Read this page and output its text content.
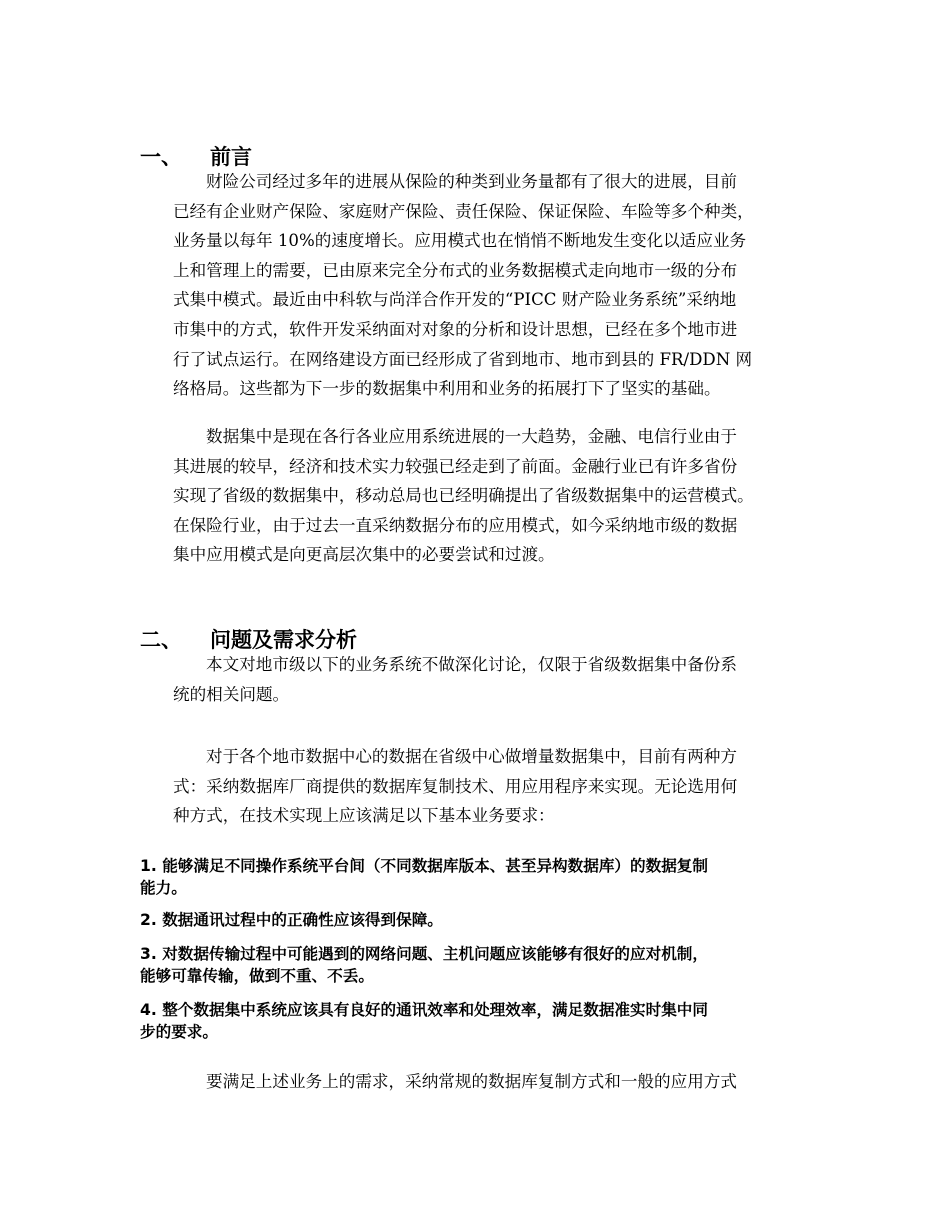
一、 前言
财险公司经过多年的进展从保险的种类到业务量都有了很大的进展，目前
已经有企业财产保险、家庭财产保险、责任保险、保证保险、车险等多个种类，
业务量以每年 10%的速度增长。应用模式也在悄悄不断地发生变化以适应业务
上和管理上的需要，已由原来完全分布式的业务数据模式走向地市一级的分布
式集中模式。最近由中科软与尚洋合作开发的“PICC 财产险业务系统”采纳地
市集中的方式，软件开发采纳面对对象的分析和设计思想，已经在多个地市进
行了试点运行。在网络建设方面已经形成了省到地市、地市到县的 FR/DDN 网
络格局。这些都为下一步的数据集中利用和业务的拓展打下了坚实的基础。
数据集中是现在各行各业应用系统进展的一大趋势，金融、电信行业由于
其进展的较早，经济和技术实力较强已经走到了前面。金融行业已有许多省份
实现了省级的数据集中，移动总局也已经明确提出了省级数据集中的运营模式。
在保险行业，由于过去一直采纳数据分布的应用模式，如今采纳地市级的数据
集中应用模式是向更高层次集中的必要尝试和过渡。
二、 问题及需求分析
本文对地市级以下的业务系统不做深化讨论，仅限于省级数据集中备份系
统的相关问题。
对于各个地市数据中心的数据在省级中心做增量数据集中，目前有两种方
式：采纳数据库厂商提供的数据库复制技术、用应用程序来实现。无论选用何
种方式，在技术实现上应该满足以下基本业务要求：
1. 能够满足不同操作系统平台间（不同数据库版本、甚至异构数据库）的数据复制
能力。
2. 数据通讯过程中的正确性应该得到保障。
3. 对数据传输过程中可能遇到的网络问题、主机问题应该能够有很好的应对机制，
能够可靠传输，做到不重、不丢。
4. 整个数据集中系统应该具有良好的通讯效率和处理效率，满足数据准实时集中同
步的要求。
要满足上述业务上的需求，采纳常规的数据库复制方式和一般的应用方式
